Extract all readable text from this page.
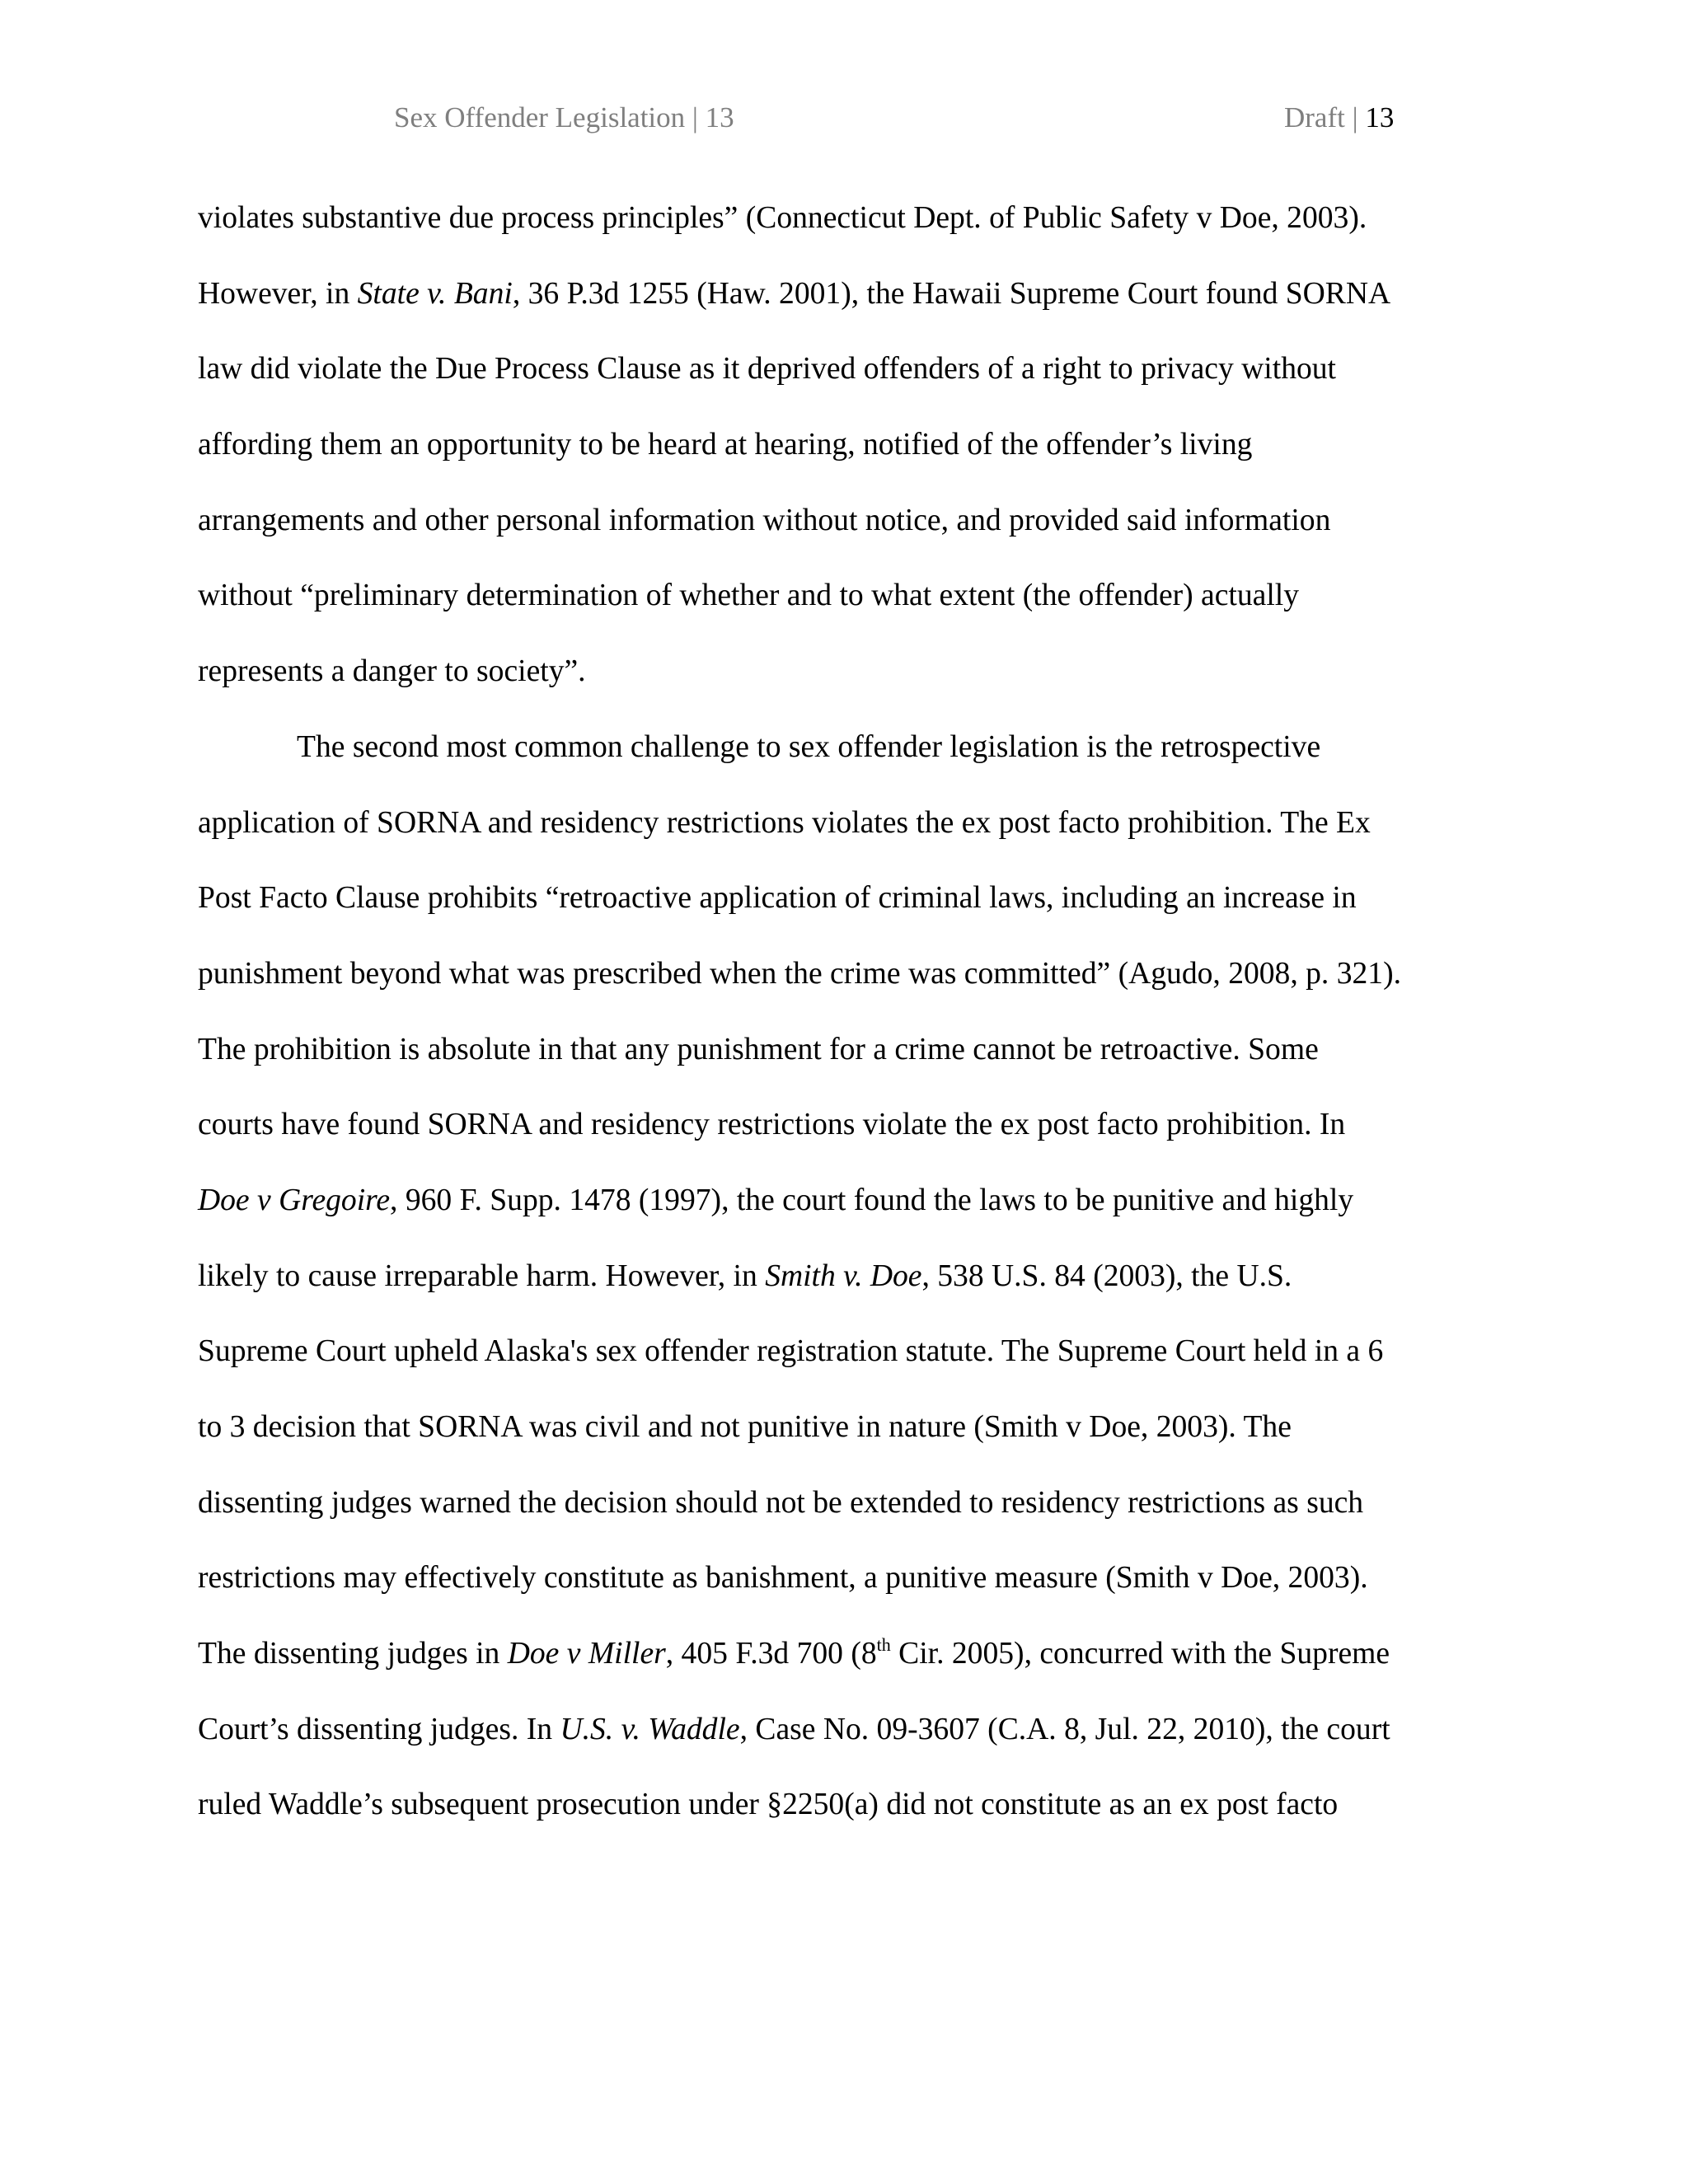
Sex Offender Legislation | 13	Draft | 13
violates substantive due process principles” (Connecticut Dept. of Public Safety v Doe, 2003).
However, in State v. Bani, 36 P.3d 1255 (Haw. 2001), the Hawaii Supreme Court found SORNA
law did violate the Due Process Clause as it deprived offenders of a right to privacy without
affording them an opportunity to be heard at hearing, notified of the offender’s living
arrangements and other personal information without notice, and provided said information
without “preliminary determination of whether and to what extent (the offender) actually
represents a danger to society”.
The second most common challenge to sex offender legislation is the retrospective
application of SORNA and residency restrictions violates the ex post facto prohibition. The Ex
Post Facto Clause prohibits “retroactive application of criminal laws, including an increase in
punishment beyond what was prescribed when the crime was committed” (Agudo, 2008, p. 321).
The prohibition is absolute in that any punishment for a crime cannot be retroactive. Some
courts have found SORNA and residency restrictions violate the ex post facto prohibition. In
Doe v Gregoire, 960 F. Supp. 1478 (1997), the court found the laws to be punitive and highly
likely to cause irreparable harm. However, in Smith v. Doe, 538 U.S. 84 (2003), the U.S.
Supreme Court upheld Alaska's sex offender registration statute. The Supreme Court held in a 6
to 3 decision that SORNA was civil and not punitive in nature (Smith v Doe, 2003). The
dissenting judges warned the decision should not be extended to residency restrictions as such
restrictions may effectively constitute as banishment, a punitive measure (Smith v Doe, 2003).
The dissenting judges in Doe v Miller, 405 F.3d 700 (8th Cir. 2005), concurred with the Supreme
Court’s dissenting judges. In U.S. v. Waddle, Case No. 09-3607 (C.A. 8, Jul. 22, 2010), the court
ruled Waddle’s subsequent prosecution under §2250(a) did not constitute as an ex post facto
